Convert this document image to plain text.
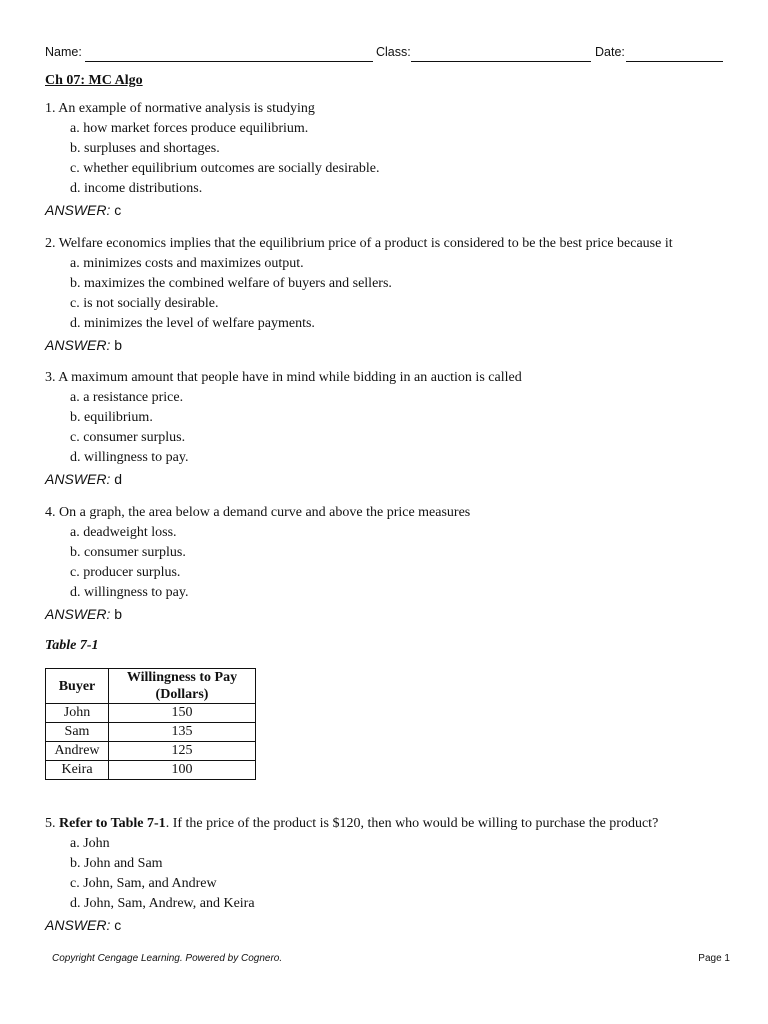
Name:	Class:	Date:
Ch 07: MC Algo
1. An example of normative analysis is studying
a. how market forces produce equilibrium.
b. surpluses and shortages.
c. whether equilibrium outcomes are socially desirable.
d. income distributions.
ANSWER: c
2. Welfare economics implies that the equilibrium price of a product is considered to be the best price because it
a. minimizes costs and maximizes output.
b. maximizes the combined welfare of buyers and sellers.
c. is not socially desirable.
d. minimizes the level of welfare payments.
ANSWER: b
3. A maximum amount that people have in mind while bidding in an auction is called
a. a resistance price.
b. equilibrium.
c. consumer surplus.
d. willingness to pay.
ANSWER: d
4. On a graph, the area below a demand curve and above the price measures
a. deadweight loss.
b. consumer surplus.
c. producer surplus.
d. willingness to pay.
ANSWER: b
Table 7-1
Buyer	Willingness to Pay
(Dollars)
John	150
Sam	135
Andrew	125
Keira	100
5. Refer to Table 7-1. If the price of the product is $120, then who would be willing to purchase the product?
a. John
b. John and Sam
c. John, Sam, and Andrew
d. John, Sam, Andrew, and Keira
ANSWER: c
Copyright Cengage Learning. Powered by Cognero.	Page 1
